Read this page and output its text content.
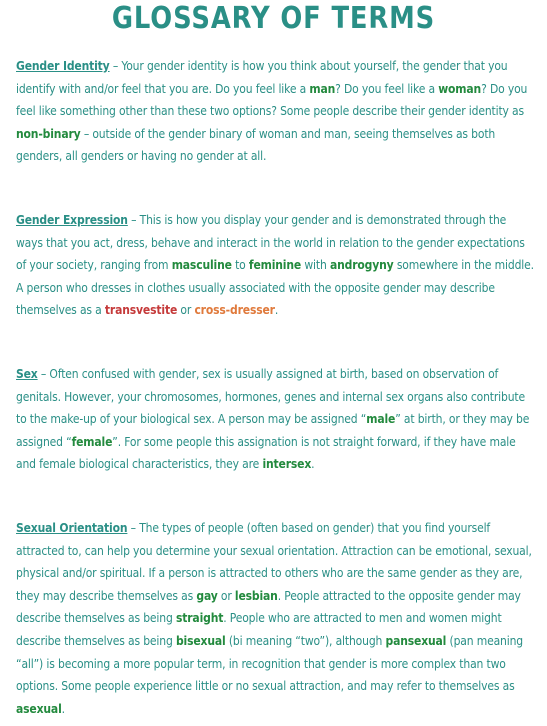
GLOSSARY OF TERMS
Gender Identity – Your gender identity is how you think about yourself, the gender that you identify with and/or feel that you are. Do you feel like a man? Do you feel like a woman? Do you feel like something other than these two options? Some people describe their gender identity as non-binary – outside of the gender binary of woman and man, seeing themselves as both genders, all genders or having no gender at all.
Gender Expression – This is how you display your gender and is demonstrated through the ways that you act, dress, behave and interact in the world in relation to the gender expectations of your society, ranging from masculine to feminine with androgyny somewhere in the middle. A person who dresses in clothes usually associated with the opposite gender may describe themselves as a transvestite or cross-dresser.
Sex – Often confused with gender, sex is usually assigned at birth, based on observation of genitals. However, your chromosomes, hormones, genes and internal sex organs also contribute to the make-up of your biological sex. A person may be assigned “male” at birth, or they may be assigned “female”. For some people this assignation is not straight forward, if they have male and female biological characteristics, they are intersex.
Sexual Orientation – The types of people (often based on gender) that you find yourself attracted to, can help you determine your sexual orientation. Attraction can be emotional, sexual, physical and/or spiritual. If a person is attracted to others who are the same gender as they are, they may describe themselves as gay or lesbian. People attracted to the opposite gender may describe themselves as being straight. People who are attracted to men and women might describe themselves as being bisexual (bi meaning “two”), although pansexual (pan meaning “all”) is becoming a more popular term, in recognition that gender is more complex than two options. Some people experience little or no sexual attraction, and may refer to themselves as asexual.
